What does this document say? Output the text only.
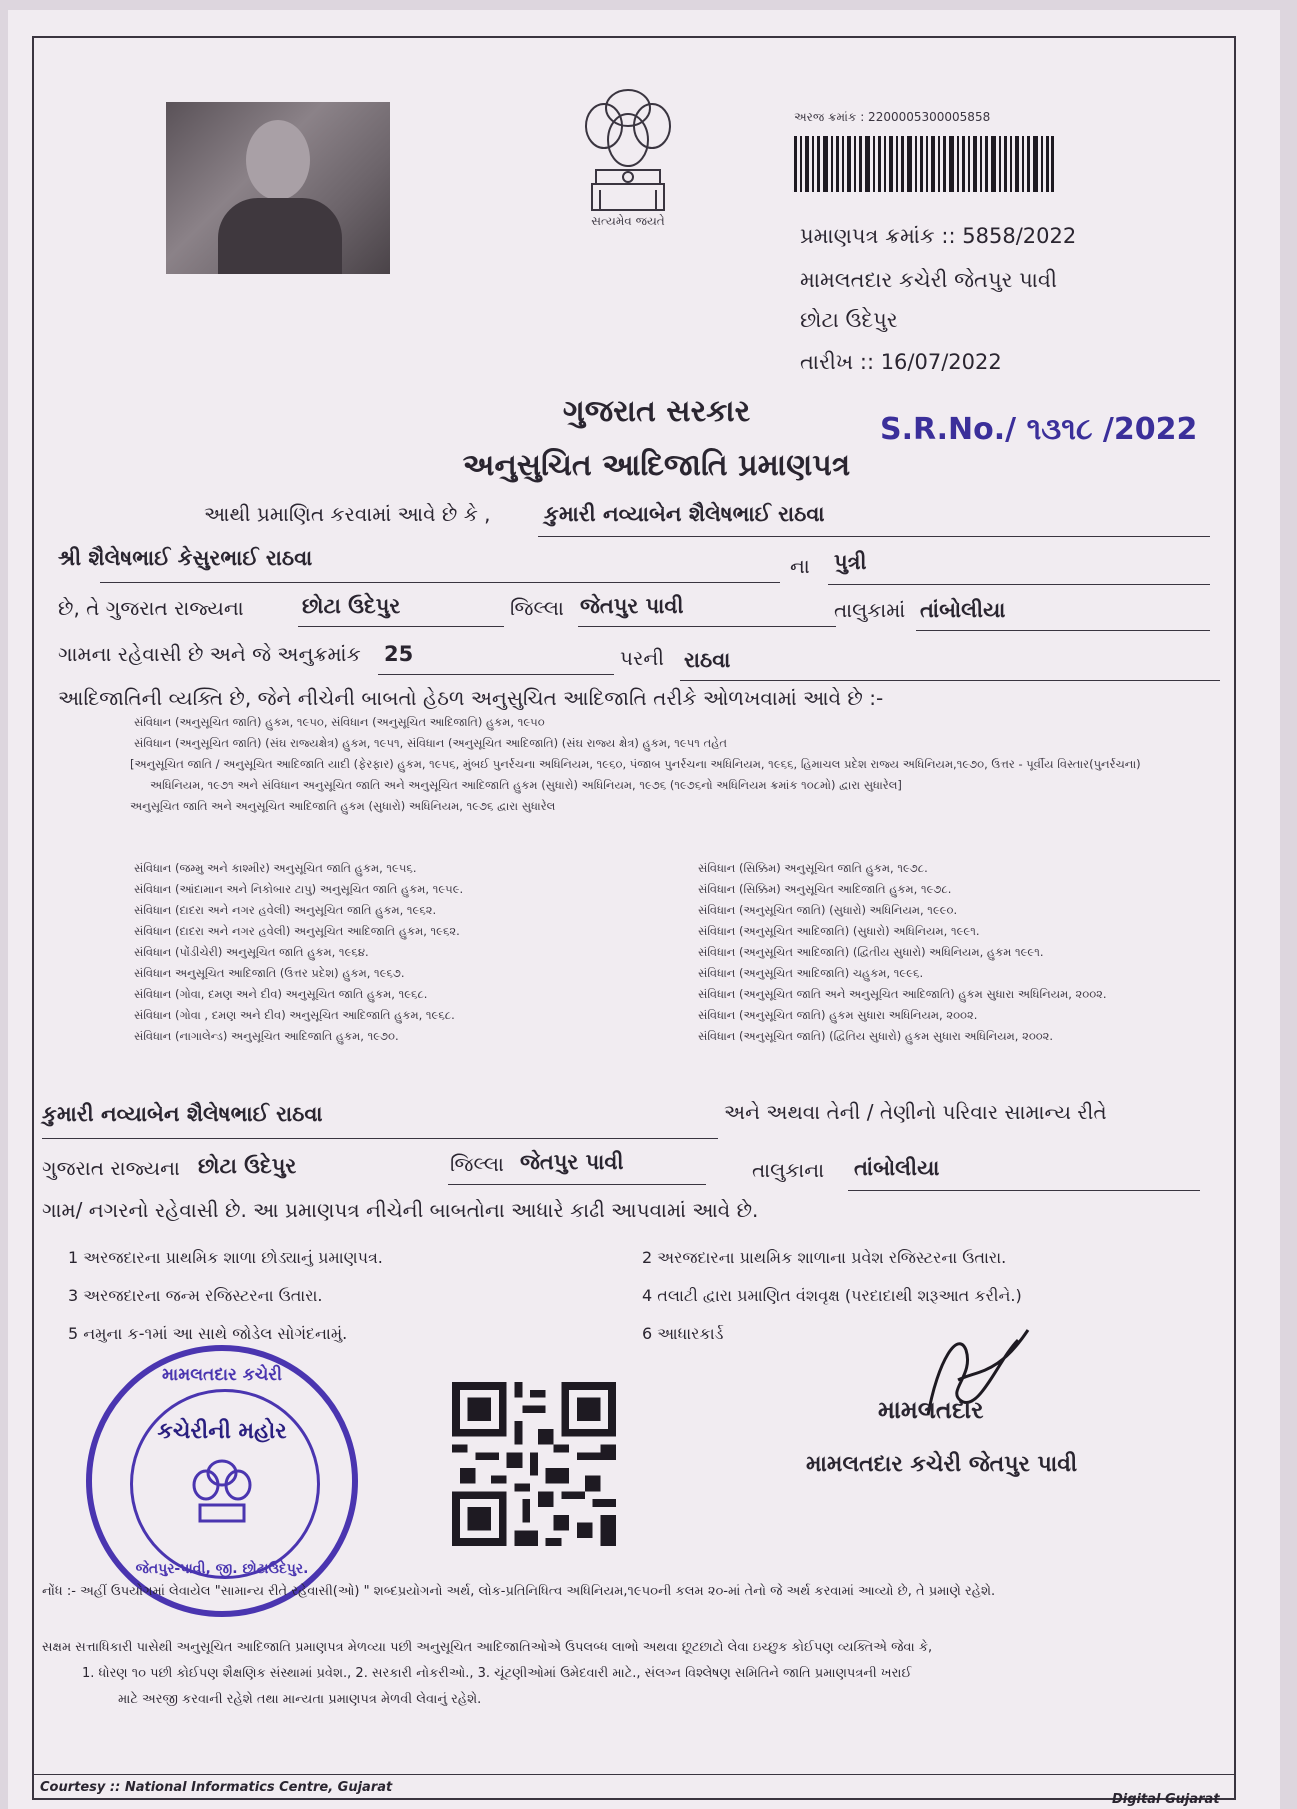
સત્યમેવ જયતે
અરજ ક્રમાંક : 2200005300005858
પ્રમાણપત્ર ક્રમાંક :: 5858/2022
મામલતદાર કચેરી જેતપુર પાવી
છોટા ઉદેપુર
તારીખ :: 16/07/2022
ગુજરાત સરકાર
S.R.No./ ૧૩૧૮ /2022
અનુસુચિત આદિજાતિ પ્રમાણપત્ર
આથી પ્રમાણિત કરવામાં આવે છે કે ,	કુમારી નવ્યાબેન શૈલેષભાઈ રાઠવા
શ્રી શૈલેષભાઈ કેસુરભાઈ રાઠવા	ના પુત્રી
છે, તે ગુજરાત રાજ્યના	છોટા ઉદેપુર	જિલ્લા જેતપુર પાવી	તાલુકામાં તાંબોલીયા
ગામના રહેવાસી છે અને જે અનુક્રમાંક 25	પરની રાઠવા
આદિજાતિની વ્યક્તિ છે, જેને નીચેની બાબતો હેઠળ અનુસુચિત આદિજાતિ તરીકે ઓળખવામાં આવે છે :-
સંવિધાન (અનુસૂચિત જાતિ) હુકમ, ૧૯૫૦, સંવિધાન (અનુસૂચિત આદિજાતિ) હુકમ, ૧૯૫૦
સંવિધાન (અનુસૂચિત જાતિ) (સંઘ રાજ્યક્ષેત્ર) હુકમ, ૧૯૫૧, સંવિધાન (અનુસૂચિત આદિજાતિ) (સંઘ રાજ્ય ક્ષેત્ર) હુકમ, ૧૯૫૧ તહેત
[અનુસૂચિત જાતિ / અનુસૂચિત આદિજાતિ યાદી (ફેરફાર) હુકમ, ૧૯૫૬, મુંબઈ પુનર્રચના અધિનિયમ, ૧૯૬૦, પંજાબ પુનર્રચના અધિનિયમ, ૧૯૬૬, હિમાચલ પ્રદેશ રાજ્ય અધિનિયમ,૧૯૭૦, ઉત્તર - પૂર્વીય વિસ્તાર(પુનર્રચના)
અધિનિયમ, ૧૯૭૧ અને સંવિધાન અનુસૂચિત જાતિ અને અનુસૂચિત આદિજાતિ હુકમ (સુધારો) અધિનિયમ, ૧૯૭૬ (૧૯૭૬નો અધિનિયમ ક્રમાંક ૧૦૮મો) દ્વારા સુધારેલ]
અનુસૂચિત જાતિ અને અનુસૂચિત આદિજાતિ હુકમ (સુધારો) અધિનિયમ, ૧૯૭૬ દ્વારા સુધારેલ
સંવિધાન (જમ્મુ અને કાશ્મીર) અનુસૂચિત જાતિ હુકમ, ૧૯૫૬.
સંવિધાન (આંદામાન અને નિકોબાર ટાપુ) અનુસૂચિત જાતિ હુકમ, ૧૯૫૯.
સંવિધાન (દાદરા અને નગર હવેલી) અનુસૂચિત જાતિ હુકમ, ૧૯૬૨.
સંવિધાન (દાદરા અને નગર હવેલી) અનુસૂચિત આદિજાતિ હુકમ, ૧૯૬૨.
સંવિધાન (પોંડીચેરી) અનુસૂચિત જાતિ હુકમ, ૧૯૬૪.
સંવિધાન અનુસૂચિત આદિજાતિ (ઉત્તર પ્રદેશ) હુકમ, ૧૯૬૭.
સંવિધાન (ગોવા, દમણ અને દીવ) અનુસૂચિત જાતિ હુકમ, ૧૯૬૮.
સંવિધાન (ગોવા , દમણ અને દીવ) અનુસૂચિત આદિજાતિ હુકમ, ૧૯૬૮.
સંવિધાન (નાગાલેન્ડ) અનુસૂચિત આદિજાતિ હુકમ, ૧૯૭૦.
સંવિધાન (સિક્કિમ) અનુસૂચિત જાતિ હુકમ, ૧૯૭૮.
સંવિધાન (સિક્કિમ) અનુસૂચિત આદિજાતિ હુકમ, ૧૯૭૮.
સંવિધાન (અનુસૂચિત જાતિ) (સુધારો) અધિનિયમ, ૧૯૯૦.
સંવિધાન (અનુસૂચિત આદિજાતિ) (સુધારો) અધિનિયમ, ૧૯૯૧.
સંવિધાન (અનુસૂચિત આદિજાતિ) (દ્વિતીય સુધારો) અધિનિયમ, હુકમ ૧૯૯૧.
સંવિધાન (અનુસૂચિત આદિજાતિ) ચહુકમ, ૧૯૯૬.
સંવિધાન (અનુસૂચિત જાતિ અને અનુસૂચિત આદિજાતિ) હુકમ સુધારા અધિનિયમ, ૨૦૦૨.
સંવિધાન (અનુસૂચિત જાતિ) હુકમ સુધારા અધિનિયમ, ૨૦૦૨.
સંવિધાન (અનુસૂચિત જાતિ) (દ્વિતિય સુધારો) હુકમ સુધારા અધિનિયમ, ૨૦૦૨.
કુમારી નવ્યાબેન શૈલેષભાઈ રાઠવા	અને અથવા તેની / તેણીનો પરિવાર સામાન્ય રીતે
ગુજરાત રાજ્યના છોટા ઉદેપુર	જિલ્લા જેતપુર પાવી	તાલુકાના તાંબોલીયા
ગામ/ નગરનો રહેવાસી છે. આ પ્રમાણપત્ર નીચેની બાબતોના આધારે કાઢી આપવામાં આવે છે.
1 અરજદારના પ્રાથમિક શાળા છોડ્યાનું પ્રમાણપત્ર.	2 અરજદારના પ્રાથમિક શાળાના પ્રવેશ રજિસ્ટરના ઉતારા.
3 અરજદારના જન્મ રજિસ્ટરના ઉતારા.	4 તલાટી દ્વારા પ્રમાણિત વંશવૃક્ષ (પરદાદાથી શરૂઆત કરીને.)
5 નમુના ક-૧માં આ સાથે જોડેલ સોગંદનામું.	6 આધારકાર્ડ
મામલતદાર કચેરી
કચેરીની મહોર
જેતપુર-પાવી, જી. છોટાઉદેપુર.
મામલતદાર
મામલતદાર કચેરી જેતપુર પાવી
નોંધ :- અહીં ઉપયોગમાં લેવાયેલ "સામાન્ય રીતે રહેવાસી(ઓ) " શબ્દપ્રયોગનો અર્થ, લોક-પ્રતિનિધિત્વ અધિનિયમ,૧૯૫૦ની કલમ ૨૦-માં તેનો જે અર્થ કરવામાં આવ્યો છે, તે પ્રમાણે રહેશે.
સક્ષમ સત્તાધિકારી પાસેથી અનુસૂચિત આદિજાતિ પ્રમાણપત્ર મેળવ્યા પછી અનુસૂચિત આદિજાતિઓએ ઉપલબ્ધ લાભો અથવા છૂટછાટો લેવા ઇચ્છુક કોઈપણ વ્યક્તિએ જેવા કે,
1. ધોરણ ૧૦ પછી કોઈપણ શૈક્ષણિક સંસ્થામાં પ્રવેશ., 2. સરકારી નોકરીઓ., 3. ચૂંટણીઓમાં ઉમેદવારી માટે., સંલગ્ન વિશ્લેષણ સમિતિને જાતિ પ્રમાણપત્રની ખરાઈ
માટે અરજી કરવાની રહેશે તથા માન્યતા પ્રમાણપત્ર મેળવી લેવાનું રહેશે.
Courtesy :: National Informatics Centre, Gujarat
Digital Gujarat
